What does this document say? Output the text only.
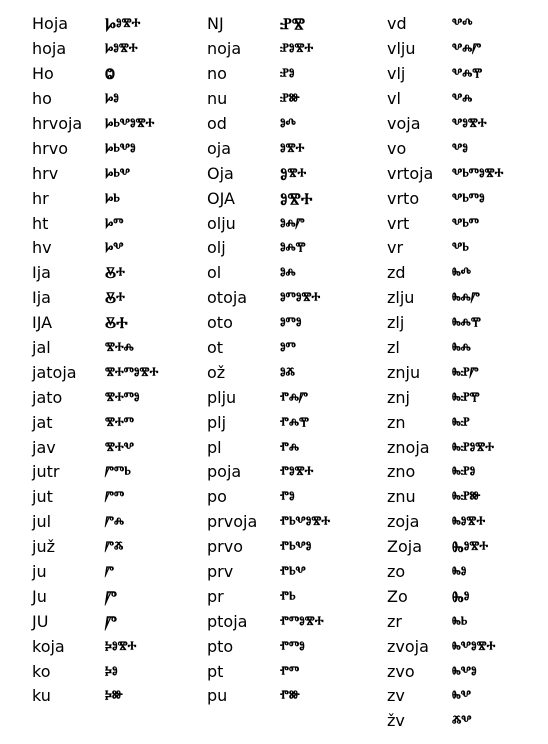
Hoja	Ⱈⱁⰺⰰ
hoja	ⱈⱁⰺⰰ
Ho	Ⱉ
ho	ⱈⱁ
hrvoja	ⱈⱃⰲⱁⰺⰰ
hrvo	ⱈⱃⰲⱁ
hrv	ⱈⱃⰲ
hr	ⱈⱃ
ht	ⱈⱅ
hv	ⱈⰲ
Ija	Ⰻⰰ
Ija	Ⰻⰰ
IJA	ⰋⰀ
jal	ⰺⰰⰾ
jatoja	ⰺⰰⱅⱁⰺⰰ
jato	ⰺⰰⱅⱁ
jat	ⰺⰰⱅ
jav	ⰺⰰⰲ
jutr	ⱓⱅⱃ
jut	ⱓⱅ
jul	ⱓⰾ
juž	ⱓⰶ
ju	ⱓ
Ju	Ⱓ
JU	Ⱓ
koja	ⰽⱁⰺⰰ
ko	ⰽⱁ
ku	ⰽⱆ
NJ	ⰐⰊ
noja	ⱀⱁⰺⰰ
no	ⱀⱁ
nu	ⱀⱆ
od	ⱁⰴ
oja	ⱁⰺⰰ
Oja	Ⱁⰺⰰ
OJA	ⰑⰊⰀ
olju	ⱁⰾⱓ
olj	ⱁⰾⰹ
ol	ⱁⰾ
otoja	ⱁⱅⱁⰺⰰ
oto	ⱁⱅⱁ
ot	ⱁⱅ
ož	ⱁⰶ
plju	ⱂⰾⱓ
plj	ⱂⰾⰹ
pl	ⱂⰾ
poja	ⱂⱁⰺⰰ
po	ⱂⱁ
prvoja	ⱂⱃⰲⱁⰺⰰ
prvo	ⱂⱃⰲⱁ
prv	ⱂⱃⰲ
pr	ⱂⱃ
ptoja	ⱂⱅⱁⰺⰰ
pto	ⱂⱅⱁ
pt	ⱂⱅ
pu	ⱂⱆ
vd	ⰲⰴ
vlju	ⰲⰾⱓ
vlj	ⰲⰾⰹ
vl	ⰲⰾ
voja	ⰲⱁⰺⰰ
vo	ⰲⱁ
vrtoja	ⰲⱃⱅⱁⰺⰰ
vrto	ⰲⱃⱅⱁ
vrt	ⰲⱃⱅ
vr	ⰲⱃ
zd	ⰸⰴ
zlju	ⰸⰾⱓ
zlj	ⰸⰾⰹ
zl	ⰸⰾ
znju	ⰸⱀⱓ
znj	ⰸⱀⰹ
zn	ⰸⱀ
znoja	ⰸⱀⱁⰺⰰ
zno	ⰸⱀⱁ
znu	ⰸⱀⱆ
zoja	ⰸⱁⰺⰰ
Zoja	Ⰸⱁⰺⰰ
zo	ⰸⱁ
Zo	Ⰸⱁ
zr	ⰸⱃ
zvoja	ⰸⰲⱁⰺⰰ
zvo	ⰸⰲⱁ
zv	ⰸⰲ
žv	ⰶⰲ
